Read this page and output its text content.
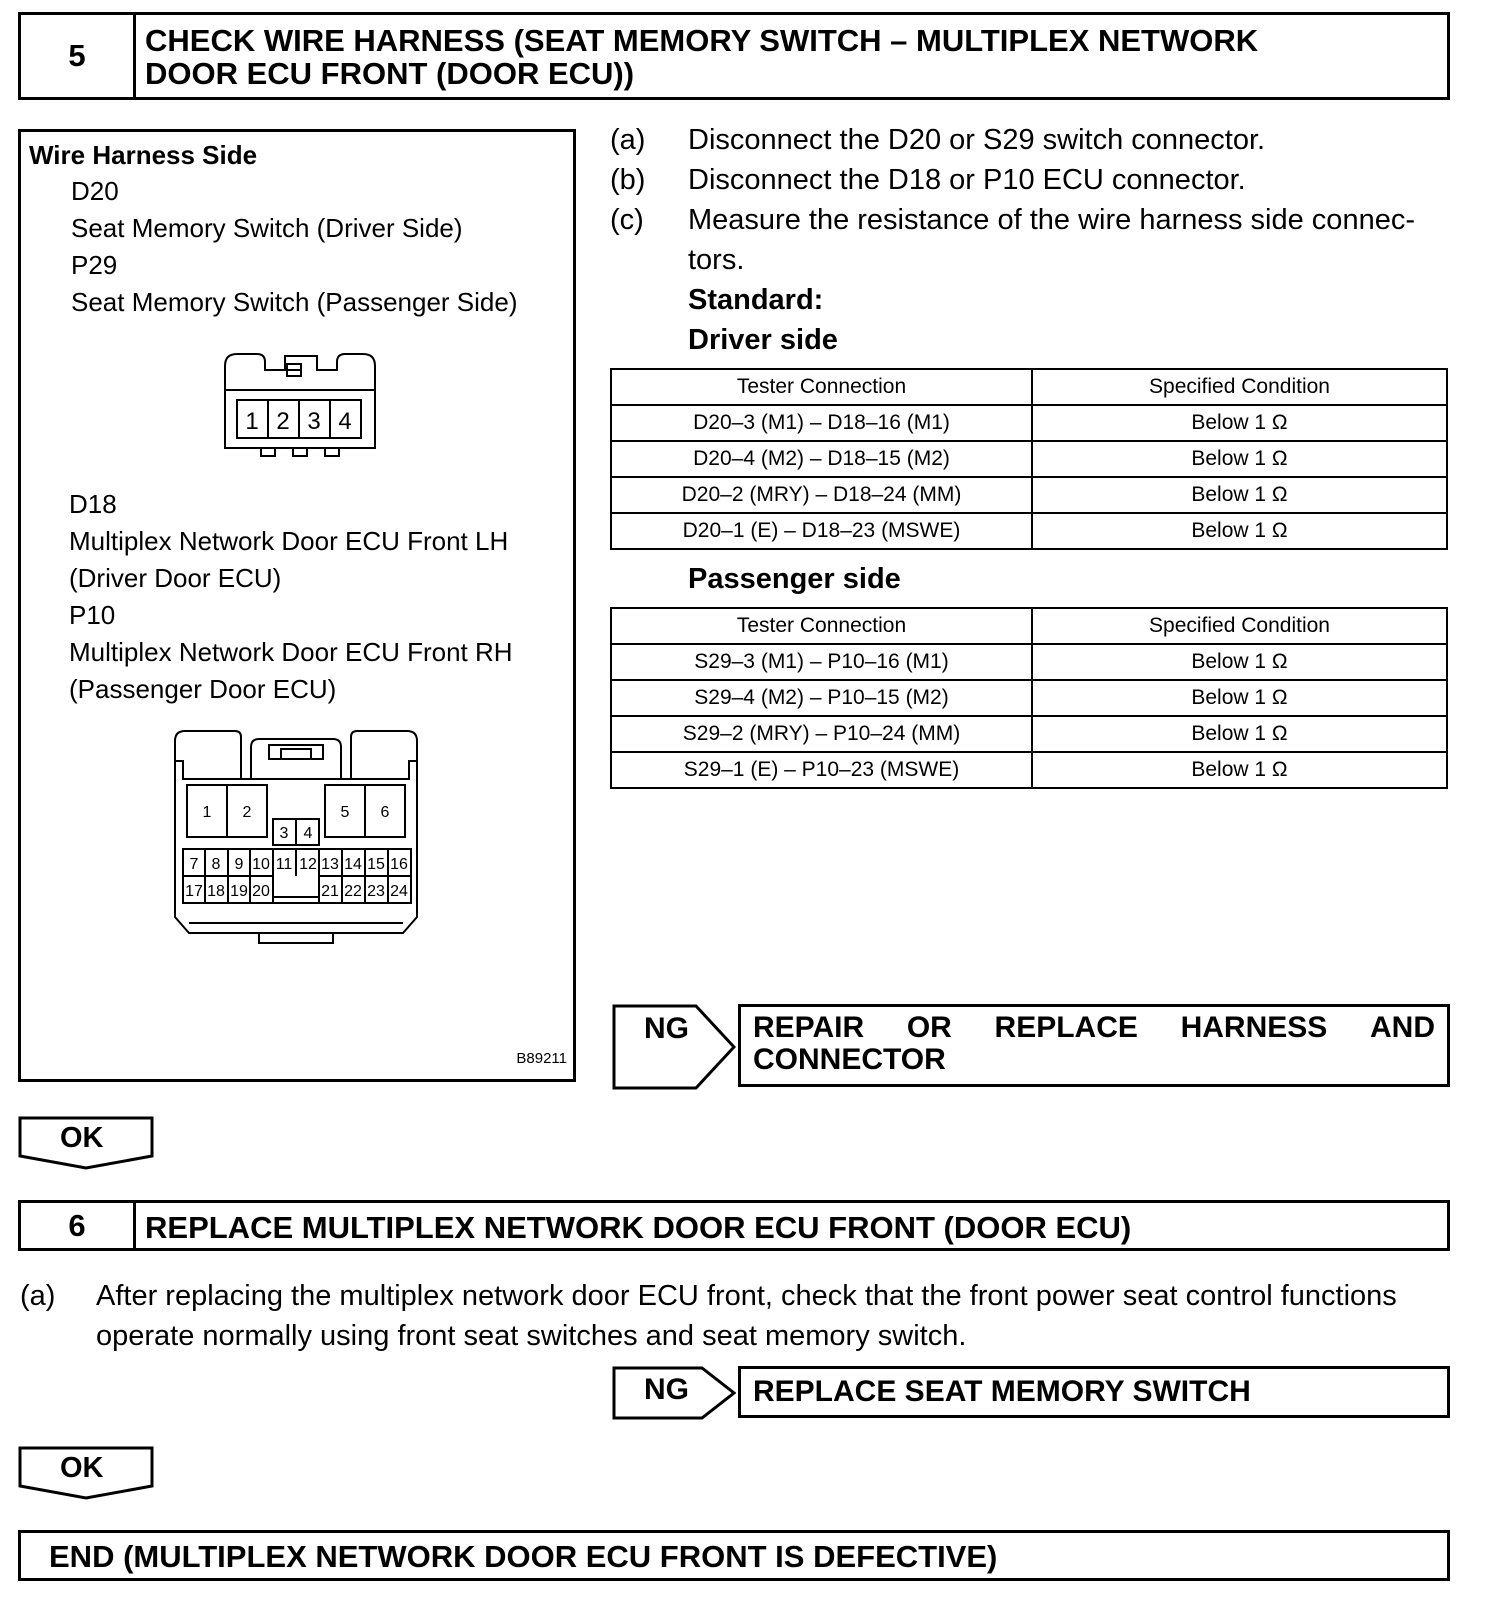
5	CHECK WIRE HARNESS (SEAT MEMORY SWITCH – MULTIPLEX NETWORK
DOOR ECU FRONT (DOOR ECU))
Wire Harness Side
D20
Seat Memory Switch (Driver Side)
P29
Seat Memory Switch (Passenger Side)
1 2 3 4
D18
Multiplex Network Door ECU Front LH
(Driver Door ECU)
P10
Multiplex Network Door ECU Front RH
(Passenger Door ECU)
1 2
3 4
5 6
7 8 9 10 11 12 13 14 15 16
17 18 19 20	21 22 23 24
B89211
(a) Disconnect the D20 or S29 switch connector.
(b) Disconnect the D18 or P10 ECU connector.
(c) Measure the resistance of the wire harness side connec-
tors.
Standard:
Driver side
Tester Connection	Specified Condition
D20–3 (M1) – D18–16 (M1)	Below 1 Ω
D20–4 (M2) – D18–15 (M2)	Below 1 Ω
D20–2 (MRY) – D18–24 (MM)	Below 1 Ω
D20–1 (E) – D18–23 (MSWE)	Below 1 Ω
Passenger side
Tester Connection	Specified Condition
S29–3 (M1) – P10–16 (M1)	Below 1 Ω
S29–4 (M2) – P10–15 (M2)	Below 1 Ω
S29–2 (MRY) – P10–24 (MM)	Below 1 Ω
S29–1 (E) – P10–23 (MSWE)	Below 1 Ω
NG REPAIR OR REPLACE HARNESS AND
CONNECTOR
OK
6	REPLACE MULTIPLEX NETWORK DOOR ECU FRONT (DOOR ECU)
(a) After replacing the multiplex network door ECU front, check that the front power seat control functions
operate normally using front seat switches and seat memory switch.
NG REPLACE SEAT MEMORY SWITCH
OK
END (MULTIPLEX NETWORK DOOR ECU FRONT IS DEFECTIVE)
